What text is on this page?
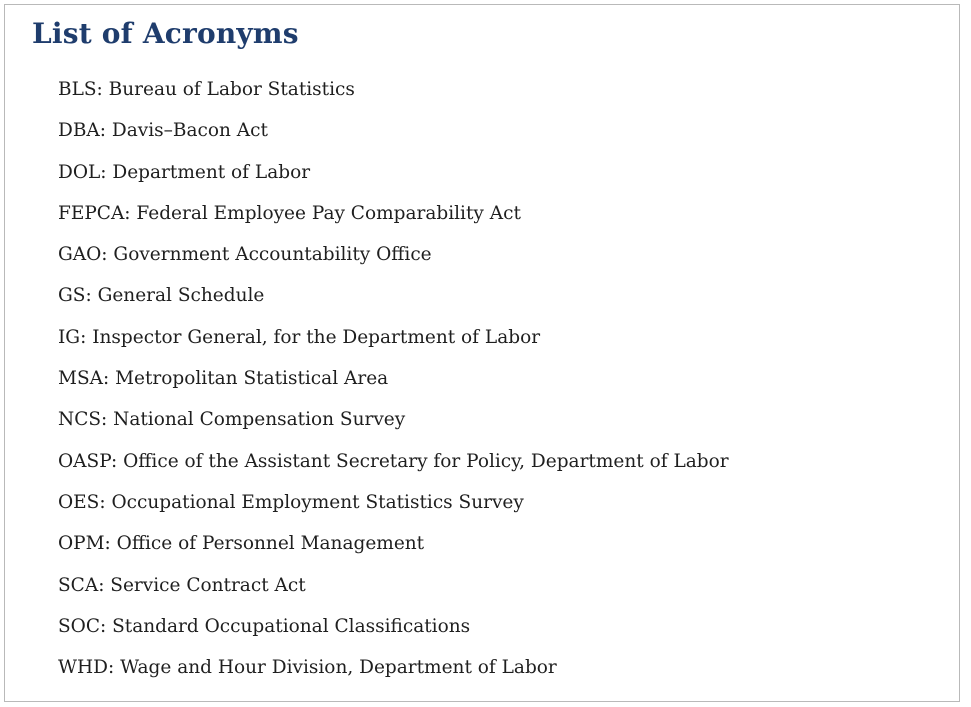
List of Acronyms
BLS: Bureau of Labor Statistics
DBA: Davis–Bacon Act
DOL: Department of Labor
FEPCA: Federal Employee Pay Comparability Act
GAO: Government Accountability Office
GS: General Schedule
IG: Inspector General, for the Department of Labor
MSA: Metropolitan Statistical Area
NCS: National Compensation Survey
OASP: Office of the Assistant Secretary for Policy, Department of Labor
OES: Occupational Employment Statistics Survey
OPM: Office of Personnel Management
SCA: Service Contract Act
SOC: Standard Occupational Classifications
WHD: Wage and Hour Division, Department of Labor
